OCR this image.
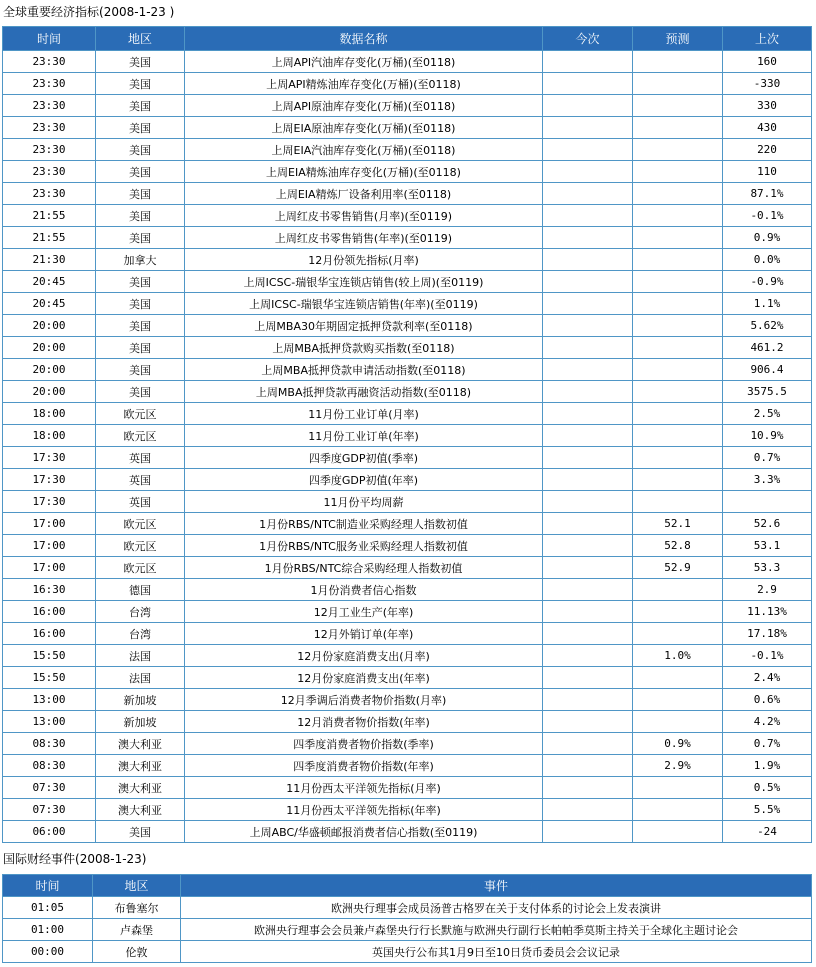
全球重要经济指标(2008-1-23 )
时间	地区	数据名称	今次	预测	上次
23:30	美国	上周API汽油库存变化(万桶)(至0118)			160
23:30	美国	上周API精炼油库存变化(万桶)(至0118)			-330
23:30	美国	上周API原油库存变化(万桶)(至0118)			330
23:30	美国	上周EIA原油库存变化(万桶)(至0118)			430
23:30	美国	上周EIA汽油库存变化(万桶)(至0118)			220
23:30	美国	上周EIA精炼油库存变化(万桶)(至0118)			110
23:30	美国	上周EIA精炼厂设备利用率(至0118)			87.1%
21:55	美国	上周红皮书零售销售(月率)(至0119)			-0.1%
21:55	美国	上周红皮书零售销售(年率)(至0119)			0.9%
21:30	加拿大	12月份领先指标(月率)			0.0%
20:45	美国	上周ICSC-瑞银华宝连锁店销售(较上周)(至0119)			-0.9%
20:45	美国	上周ICSC-瑞银华宝连锁店销售(年率)(至0119)			1.1%
20:00	美国	上周MBA30年期固定抵押贷款利率(至0118)			5.62%
20:00	美国	上周MBA抵押贷款购买指数(至0118)			461.2
20:00	美国	上周MBA抵押贷款申请活动指数(至0118)			906.4
20:00	美国	上周MBA抵押贷款再融资活动指数(至0118)			3575.5
18:00	欧元区	11月份工业订单(月率)			2.5%
18:00	欧元区	11月份工业订单(年率)			10.9%
17:30	英国	四季度GDP初值(季率)			0.7%
17:30	英国	四季度GDP初值(年率)			3.3%
17:30	英国	11月份平均周薪			
17:00	欧元区	1月份RBS/NTC制造业采购经理人指数初值		52.1	52.6
17:00	欧元区	1月份RBS/NTC服务业采购经理人指数初值		52.8	53.1
17:00	欧元区	1月份RBS/NTC综合采购经理人指数初值		52.9	53.3
16:30	德国	1月份消费者信心指数			2.9
16:00	台湾	12月工业生产(年率)			11.13%
16:00	台湾	12月外销订单(年率)			17.18%
15:50	法国	12月份家庭消费支出(月率)		1.0%	-0.1%
15:50	法国	12月份家庭消费支出(年率)			2.4%
13:00	新加坡	12月季调后消费者物价指数(月率)			0.6%
13:00	新加坡	12月消费者物价指数(年率)			4.2%
08:30	澳大利亚	四季度消费者物价指数(季率)		0.9%	0.7%
08:30	澳大利亚	四季度消费者物价指数(年率)		2.9%	1.9%
07:30	澳大利亚	11月份西太平洋领先指标(月率)			0.5%
07:30	澳大利亚	11月份西太平洋领先指标(年率)			5.5%
06:00	美国	上周ABC/华盛顿邮报消费者信心指数(至0119)			-24
国际财经事件(2008-1-23)
时间	地区	事件
01:05	布鲁塞尔	欧洲央行理事会成员汤普古格罗在关于支付体系的讨论会上发表演讲
01:00	卢森堡	欧洲央行理事会会员兼卢森堡央行行长默施与欧洲央行副行长帕帕季莫斯主持关于全球化主题讨论会
00:00	伦敦	英国央行公布其1月9日至10日货币委员会会议记录
